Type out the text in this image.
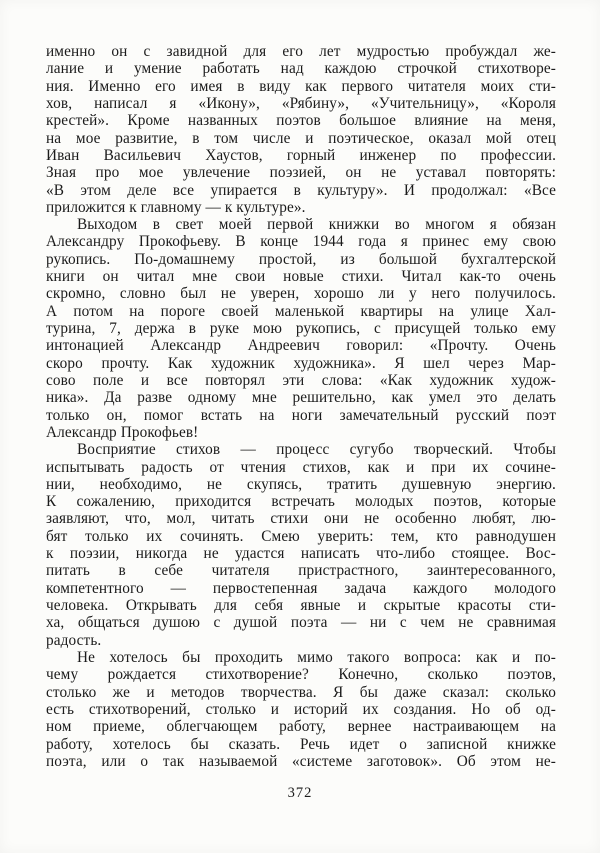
именно он с завидной для его лет мудростью пробуждал же-
лание и умение работать над каждою строчкой стихотворе-
ния. Именно его имея в виду как первого читателя моих сти-
хов, написал я «Икону», «Рябину», «Учительницу», «Короля
крестей». Кроме названных поэтов большое влияние на меня,
на мое развитие, в том числе и поэтическое, оказал мой отец
Иван Васильевич Хаустов, горный инженер по профессии.
Зная про мое увлечение поэзией, он не уставал повторять:
«В этом деле все упирается в культуру». И продолжал: «Все
приложится к главному — к культуре».
Выходом в свет моей первой книжки во многом я обязан
Александру Прокофьеву. В конце 1944 года я принес ему свою
рукопись. По-домашнему простой, из большой бухгалтерской
книги он читал мне свои новые стихи. Читал как-то очень
скромно, словно был не уверен, хорошо ли у него получилось.
А потом на пороге своей маленькой квартиры на улице Хал-
турина, 7, держа в руке мою рукопись, с присущей только ему
интонацией Александр Андреевич говорил: «Прочту. Очень
скоро прочту. Как художник художника». Я шел через Мар-
сово поле и все повторял эти слова: «Как художник худож-
ника». Да разве одному мне решительно, как умел это делать
только он, помог встать на ноги замечательный русский поэт
Александр Прокофьев!
Восприятие стихов — процесс сугубо творческий. Чтобы
испытывать радость от чтения стихов, как и при их сочине-
нии, необходимо, не скупясь, тратить душевную энергию.
К сожалению, приходится встречать молодых поэтов, которые
заявляют, что, мол, читать стихи они не особенно любят, лю-
бят только их сочинять. Смею уверить: тем, кто равнодушен
к поэзии, никогда не удастся написать что-либо стоящее. Вос-
питать в себе читателя пристрастного, заинтересованного,
компетентного — первостепенная задача каждого молодого
человека. Открывать для себя явные и скрытые красоты сти-
ха, общаться душою с душой поэта — ни с чем не сравнимая
радость.
Не хотелось бы проходить мимо такого вопроса: как и по-
чему рождается стихотворение? Конечно, сколько поэтов,
столько же и методов творчества. Я бы даже сказал: сколько
есть стихотворений, столько и историй их создания. Но об од-
ном приеме, облегчающем работу, вернее настраивающем на
работу, хотелось бы сказать. Речь идет о записной книжке
поэта, или о так называемой «системе заготовок». Об этом не-
372
